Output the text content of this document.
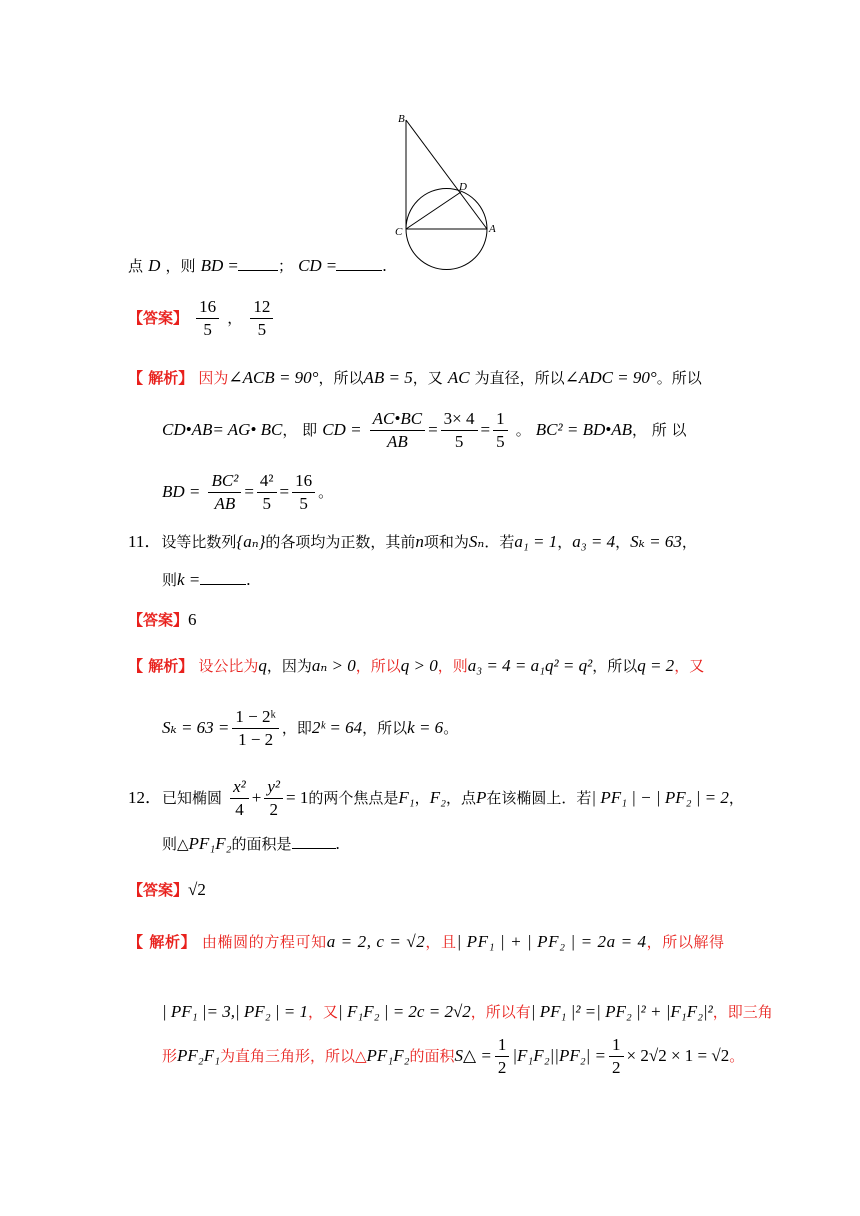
B
D
C	A
点 D ，则 BD =	； CD =	.
【答案】 $\frac{16}{5}$ ， $\frac{12}{5}$
【 解析】 因为∠ACB = 90°，所以AB = 5，又 AC 为直径，所以∠ADC = 90°。所以
CD•AB= AG• BC， 即 CD = $\frac{AC•BC}{AB} = \frac{3\times 4}{5} = \frac{1}{5}$ 。 BC² = BD•AB， 所 以
BD = $\frac{\text{BC²}}{AB} = \frac{\text{4²}}{5} = \frac{16}{5}$ 。
11．设等比数列{aₙ}的各项均为正数，其前n项和为Sₙ．若a₁ = 1，a₃ = 4，Sₖ = 63，
则k =	.
【答案】6
【 解析】 设公比为q，因为aₙ > 0，所以q > 0，则a₃ = 4 = a₁q² = q²，所以q = 2，又
$S_k = 63 = \frac{\text{1 − 2ᵏ}}{1 - 2}$ ，即2ᵏ = 64，所以k = 6。
12．已知椭圆 $\frac{\text{x²}}{4} + \frac{\text{y²}}{2} = 1$的两个焦点是F₁，F₂，点P在该椭圆上．若| PF₁ | − | PF₂ | = 2，
则△PF₁F₂的面积是	.
【答案】√2
【 解析】 由椭圆的方程可知a = 2, c = √2，且| PF₁ | + | PF₂ | = 2a = 4，所以解得
| PF₁ |= 3,| PF₂ | = 1，又| F₁F₂ | = 2c = 2√2，所以有| PF₁ |² =| PF₂ |² + |F₁F₂|²，即三角
形PF₂F₁为直角三角形，所以△PF₁F₂的面积S△ = $\frac{1}{2} |F_1F_2||PF_2| = \frac{1}{2} \times 2√2 \times 1 = √2$。
